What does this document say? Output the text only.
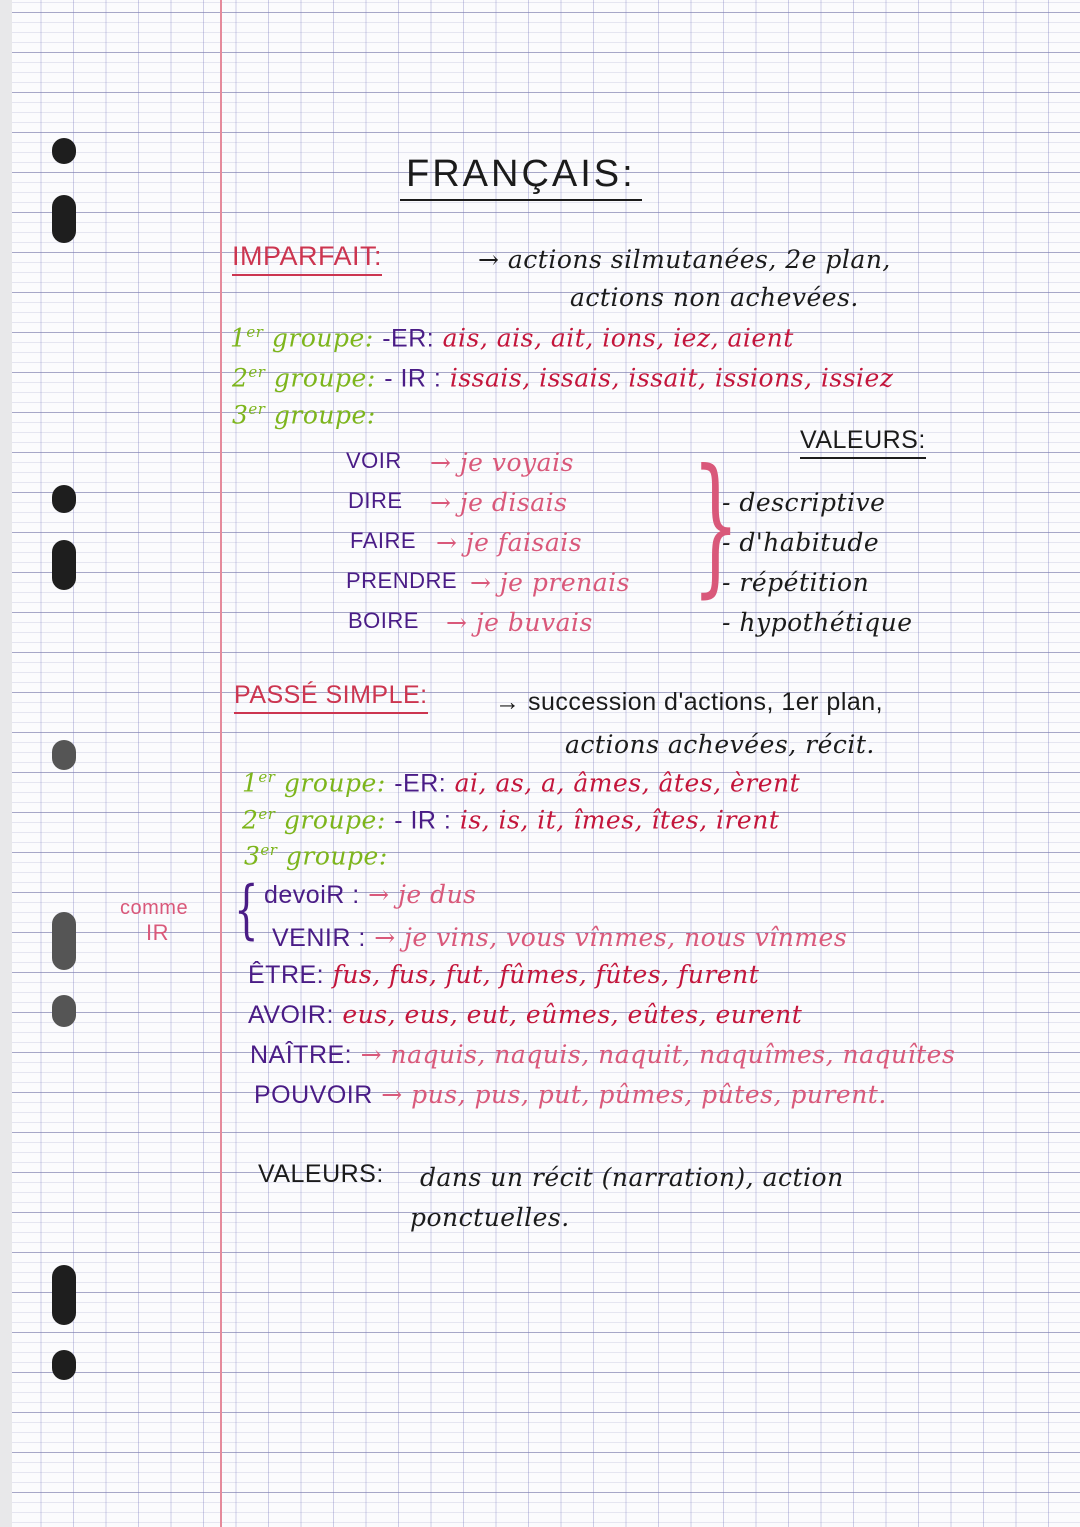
FRANÇAIS:
IMPARFAIT:	→ actions silmutanées, 2e plan,
actions non achevées.
1er groupe: -ER: ais, ais, ait, ions, iez, aient
2er groupe: - IR : issais, issais, issait, issions, issiez
3er groupe:
VALEURS:
VOIR → je voyais
DIRE → je disais
FAIRE → je faisais
PRENDRE → je prenais
BOIRE → je buvais
}
- descriptive
- d'habitude
- répétition
- hypothétique
PASSÉ SIMPLE:	→ succession d'actions, 1er plan,
actions achevées, récit.
1er groupe: -ER: ai, as, a, âmes, âtes, èrent
2er groupe: - IR : is, is, it, îmes, îtes, irent
3er groupe:
comme
IR { devoiR : → je dus
VENIR : → je vins, vous vînmes, nous vînmes
ÊTRE: fus, fus, fut, fûmes, fûtes, furent
AVOIR: eus, eus, eut, eûmes, eûtes, eurent
NAÎTRE: → naquis, naquis, naquit, naquîmes, naquîtes
POUVOIR → pus, pus, put, pûmes, pûtes, purent.
VALEURS: dans un récit (narration), action
ponctuelles.
